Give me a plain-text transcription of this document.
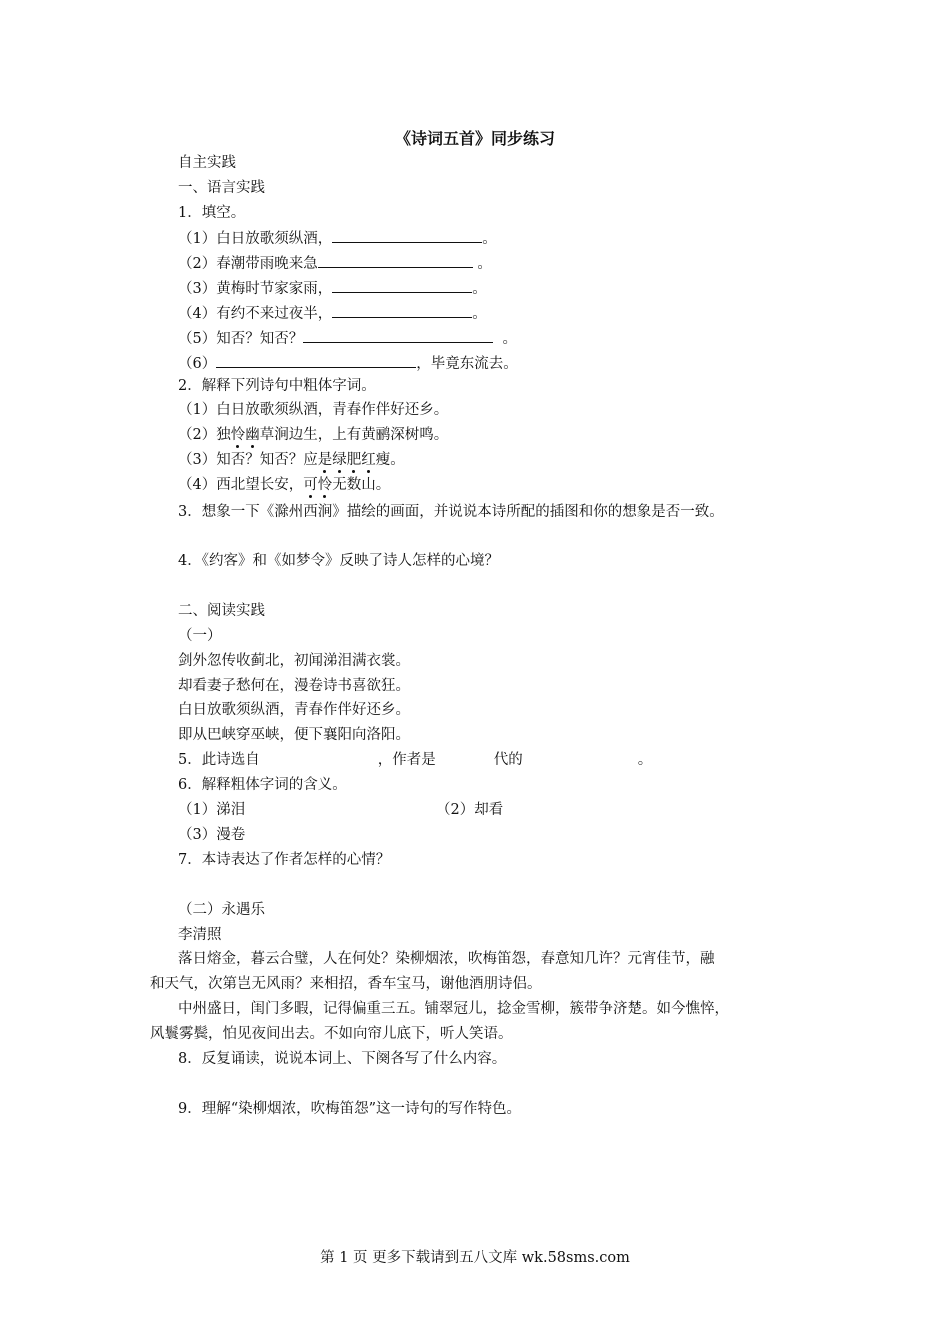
《诗词五首》同步练习
自主实践
一、语言实践
1．填空。
（1）白日放歌须纵酒，	。
（2）春潮带雨晚来急	。
（3）黄梅时节家家雨，	。
（4）有约不来过夜半，	。
（5）知否？知否？	。
（6）	，毕竟东流去。
2．解释下列诗句中粗体字词。
（1）白日放歌须纵酒，青春作伴好还乡。
（2）独怜幽草涧边生，上有黄鹂深树鸣。
（3）知否？知否？应是绿肥红瘦。
（4）西北望长安，可怜无数山。
3．想象一下《滁州西涧》描绘的画面，并说说本诗所配的插图和你的想象是否一致。
4．《约客》和《如梦令》反映了诗人怎样的心境？
二、阅读实践
（一）
剑外忽传收蓟北，初闻涕泪满衣裳。
却看妻子愁何在，漫卷诗书喜欲狂。
白日放歌须纵酒，青春作伴好还乡。
即从巴峡穿巫峡，便下襄阳向洛阳。
5．此诗选自	，作者是	代的	。
6．解释粗体字词的含义。
（1）涕泪	（2）却看
（3）漫卷
7．本诗表达了作者怎样的心情？
（二）永遇乐
李清照
落日熔金，暮云合璧，人在何处？染柳烟浓，吹梅笛怨，春意知几许？元宵佳节，融
和天气，次第岂无风雨？来相招，香车宝马，谢他酒朋诗侣。
中州盛日，闺门多暇，记得偏重三五。铺翠冠儿，捻金雪柳，簇带争济楚。如今憔悴，
风鬟雾鬓，怕见夜间出去。不如向帘儿底下，听人笑语。
8．反复诵读，说说本词上、下阕各写了什么内容。
9．理解“染柳烟浓，吹梅笛怨”这一诗句的写作特色。
第 1 页 更多下载请到五八文库 wk.58sms.com
